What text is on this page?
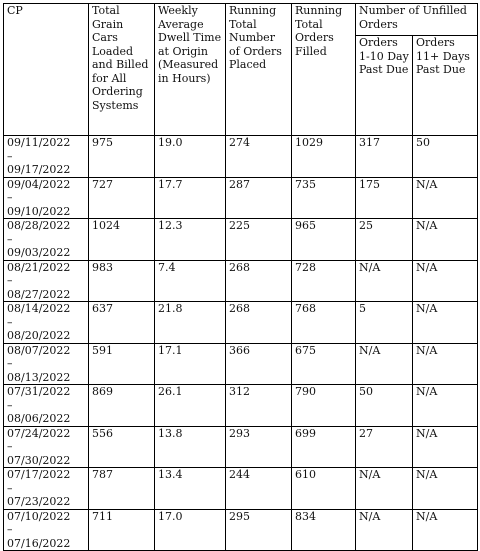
CP	Total Grain Cars Loaded and Billed for All Ordering Systems	Weekly Average Dwell Time at Origin (Measured in Hours)	Running Total Number of Orders Placed	Running Total Orders Filled	Number of Unfilled Orders	
					Orders 1-10 Day Past Due	Orders 11+ Days Past Due

09/11/2022
–
09/17/2022	975	19.0	274	1029	317	50

09/04/2022
–
09/10/2022	727	17.7	287	735	175	N/A

08/28/2022
–
09/03/2022	1024	12.3	225	965	25	N/A

08/21/2022
–
08/27/2022	983	7.4	268	728	N/A	N/A

08/14/2022
–
08/20/2022	637	21.8	268	768	5	N/A

08/07/2022
–
08/13/2022	591	17.1	366	675	N/A	N/A

07/31/2022
–
08/06/2022	869	26.1	312	790	50	N/A

07/24/2022
–
07/30/2022	556	13.8	293	699	27	N/A

07/17/2022
–
07/23/2022	787	13.4	244	610	N/A	N/A

07/10/2022
–
07/16/2022	711	17.0	295	834	N/A	N/A
